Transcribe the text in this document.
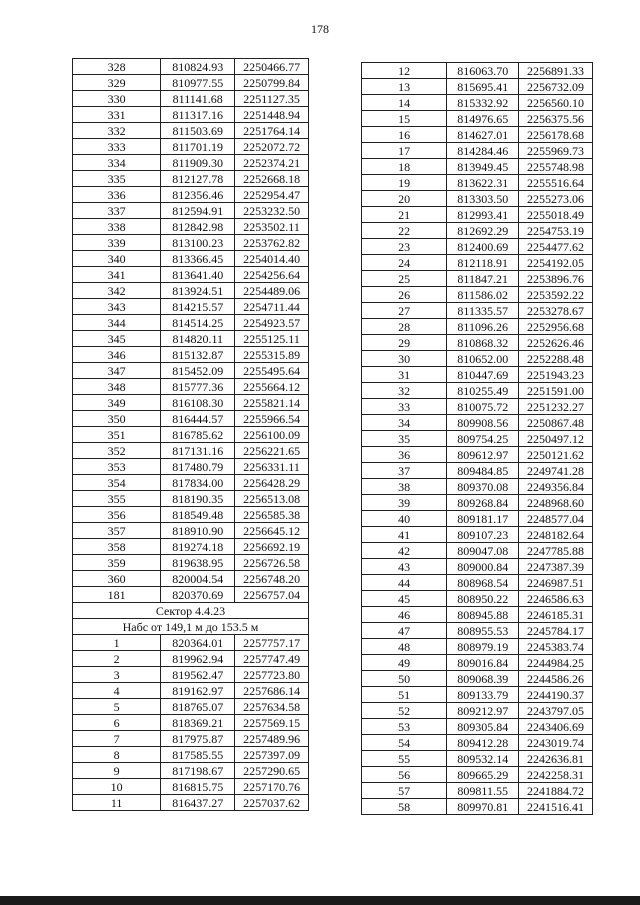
178
328	810824.93	2250466.77
329	810977.55	2250799.84
330	811141.68	2251127.35
331	811317.16	2251448.94
332	811503.69	2251764.14
333	811701.19	2252072.72
334	811909.30	2252374.21
335	812127.78	2252668.18
336	812356.46	2252954.47
337	812594.91	2253232.50
338	812842.98	2253502.11
339	813100.23	2253762.82
340	813366.45	2254014.40
341	813641.40	2254256.64
342	813924.51	2254489.06
343	814215.57	2254711.44
344	814514.25	2254923.57
345	814820.11	2255125.11
346	815132.87	2255315.89
347	815452.09	2255495.64
348	815777.36	2255664.12
349	816108.30	2255821.14
350	816444.57	2255966.54
351	816785.62	2256100.09
352	817131.16	2256221.65
353	817480.79	2256331.11
354	817834.00	2256428.29
355	818190.35	2256513.08
356	818549.48	2256585.38
357	818910.90	2256645.12
358	819274.18	2256692.19
359	819638.95	2256726.58
360	820004.54	2256748.20
181	820370.69	2256757.04
Сектор 4.4.23		
Набс от 149,1 м до 153.5 м		
1	820364.01	2257757.17
2	819962.94	2257747.49
3	819562.47	2257723.80
4	819162.97	2257686.14
5	818765.07	2257634.58
6	818369.21	2257569.15
7	817975.87	2257489.96
8	817585.55	2257397.09
9	817198.67	2257290.65
10	816815.75	2257170.76
11	816437.27	2257037.62
12	816063.70	2256891.33
13	815695.41	2256732.09
14	815332.92	2256560.10
15	814976.65	2256375.56
16	814627.01	2256178.68
17	814284.46	2255969.73
18	813949.45	2255748.98
19	813622.31	2255516.64
20	813303.50	2255273.06
21	812993.41	2255018.49
22	812692.29	2254753.19
23	812400.69	2254477.62
24	812118.91	2254192.05
25	811847.21	2253896.76
26	811586.02	2253592.22
27	811335.57	2253278.67
28	811096.26	2252956.68
29	810868.32	2252626.46
30	810652.00	2252288.48
31	810447.69	2251943.23
32	810255.49	2251591.00
33	810075.72	2251232.27
34	809908.56	2250867.48
35	809754.25	2250497.12
36	809612.97	2250121.62
37	809484.85	2249741.28
38	809370.08	2249356.84
39	809268.84	2248968.60
40	809181.17	2248577.04
41	809107.23	2248182.64
42	809047.08	2247785.88
43	809000.84	2247387.39
44	808968.54	2246987.51
45	808950.22	2246586.63
46	808945.88	2246185.31
47	808955.53	2245784.17
48	808979.19	2245383.74
49	809016.84	2244984.25
50	809068.39	2244586.26
51	809133.79	2244190.37
52	809212.97	2243797.05
53	809305.84	2243406.69
54	809412.28	2243019.74
55	809532.14	2242636.81
56	809665.29	2242258.31
57	809811.55	2241884.72
58	809970.81	2241516.41
